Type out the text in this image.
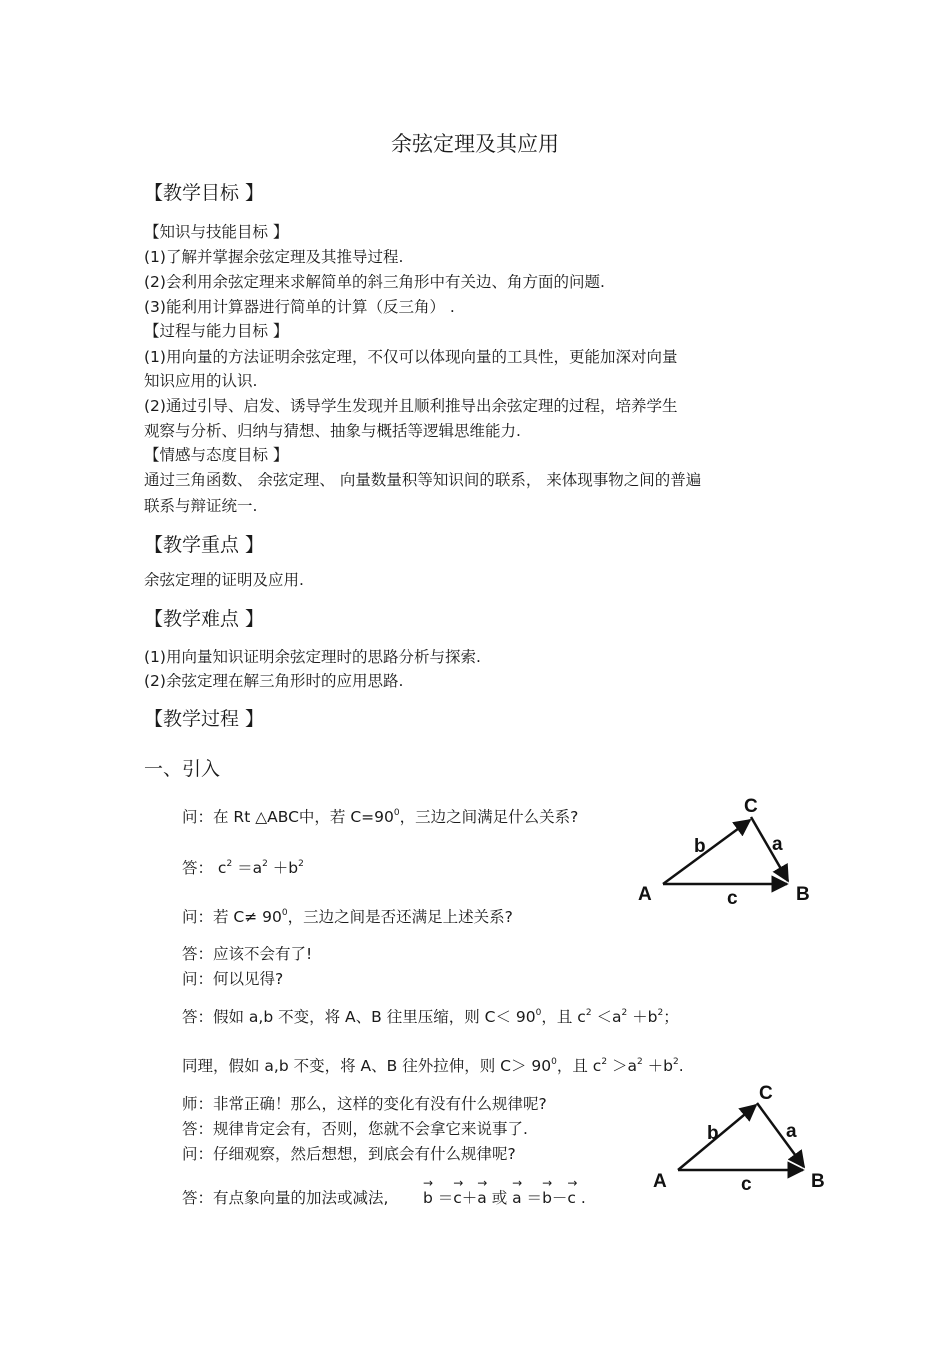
余弦定理及其应用
【教学目标 】
【知识与技能目标 】
(1)了解并掌握余弦定理及其推导过程.
(2)会利用余弦定理来求解简单的斜三角形中有关边、角方面的问题.
(3)能利用计算器进行简单的计算（反三角） .
【过程与能力目标 】
(1)用向量的方法证明余弦定理，不仅可以体现向量的工具性，更能加深对向量
知识应用的认识.
(2)通过引导、启发、诱导学生发现并且顺利推导出余弦定理的过程，培养学生
观察与分析、归纳与猜想、抽象与概括等逻辑思维能力.
【情感与态度目标 】
通过三角函数、 余弦定理、 向量数量积等知识间的联系， 来体现事物之间的普遍
联系与辩证统一.
【教学重点 】
余弦定理的证明及应用.
【教学难点 】
(1)用向量知识证明余弦定理时的思路分析与探索.
(2)余弦定理在解三角形时的应用思路.
【教学过程 】
一、引入
问：在 Rt △ABC中，若 $C=90^0$，三边之间满足什么关系?
答： $c^2 =a^2 +b^2$
问：若 $C\ne 90^0$，三边之间是否还满足上述关系?
答：应该不会有了!
问：何以见得?
答：假如 a,b 不变，将 A、B 往里压缩，则 $C< 90^0$，且 $c^2 <a^2 +b^2$；
同理，假如 a,b 不变，将 A、B 往外拉伸，则 $C> 90^0$，且 $c^2 >a^2 +b^2$.
师：非常正确！那么，这样的变化有没有什么规律呢?
答：规律肯定会有，否则，您就不会拿它来说事了.
问：仔细观察，然后想想，到底会有什么规律呢?
答：有点象向量的加法或减法,       → b ＝→ c＋→ a 或 → a ＝→ b－→ c .
C
A	B
b	a
c
C
A	B
b	a
c
